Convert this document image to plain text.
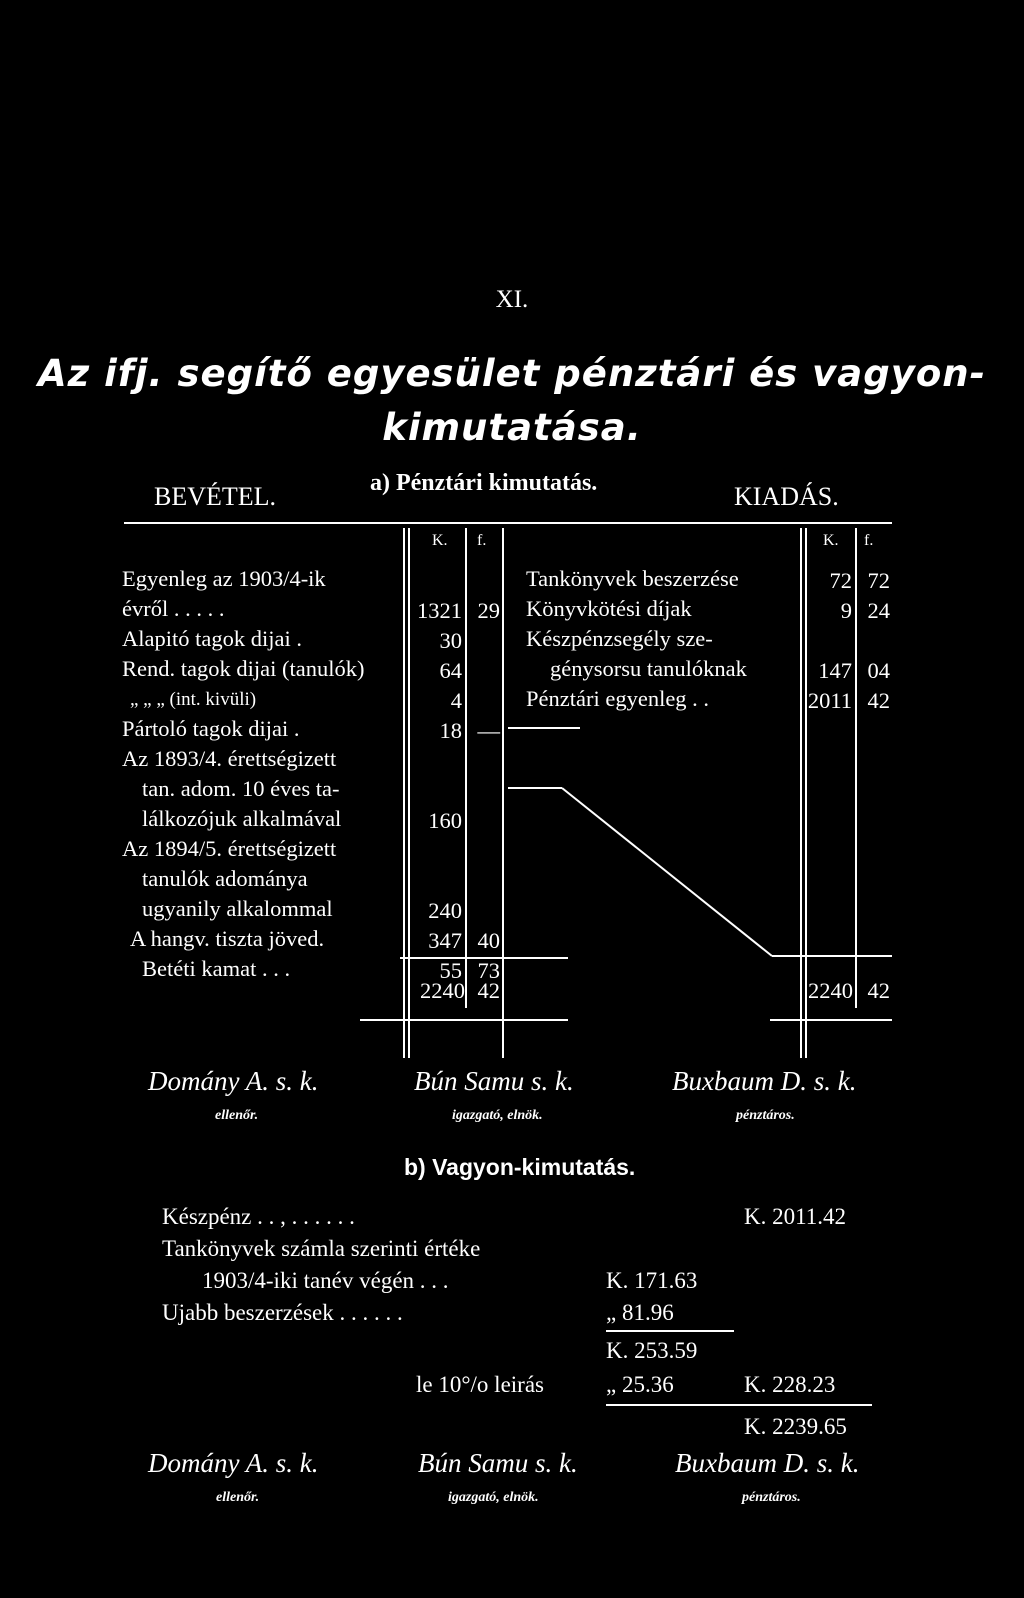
XI.
Az ifj. segítő egyesület pénztári és vagyon-
kimutatása.
BEVÉTEL.	a) Pénztári kimutatás.	KIADÁS.
K. f.	K. f.
Egyenleg az 1903/4-ik
évről . . . . .	1321 29
Alapitó tagok dijai .	30
Rend. tagok dijai (tanulók)	64
„ „ „ (int. kivüli)	4
Pártoló tagok dijai .	18 —
Az 1893/4. érettségizett
tan. adom. 10 éves ta-
lálkozójuk alkalmával	160
Az 1894/5. érettségizett
tanulók adománya
ugyanily alkalommal	240
A hangv. tiszta jöved.	347 40
Betéti kamat . . .	55 73
Tankönyvek beszerzése	72 72
Könyvkötési díjak	9 24
Készpénzsegély sze-
génysorsu tanulóknak	147 04
Pénztári egyenleg . .	2011 42
2240 42	2240 42
Domány A. s. k.
ellenőr.
Bún Samu s. k.
igazgató, elnök.
Buxbaum D. s. k.
pénztáros.
b) Vagyon-kimutatás.
Készpénz . . , . . . . . .	K. 2011.42
Tankönyvek számla szerinti értéke
1903/4-iki tanév végén . . .	K. 171.63
Ujabb beszerzések . . . . . .	„ 81.96
K. 253.59
le 10°/o leirás	„ 25.36	K. 228.23
K. 2239.65
Domány A. s. k.
ellenőr.
Bún Samu s. k.
igazgató, elnök.
Buxbaum D. s. k.
pénztáros.
